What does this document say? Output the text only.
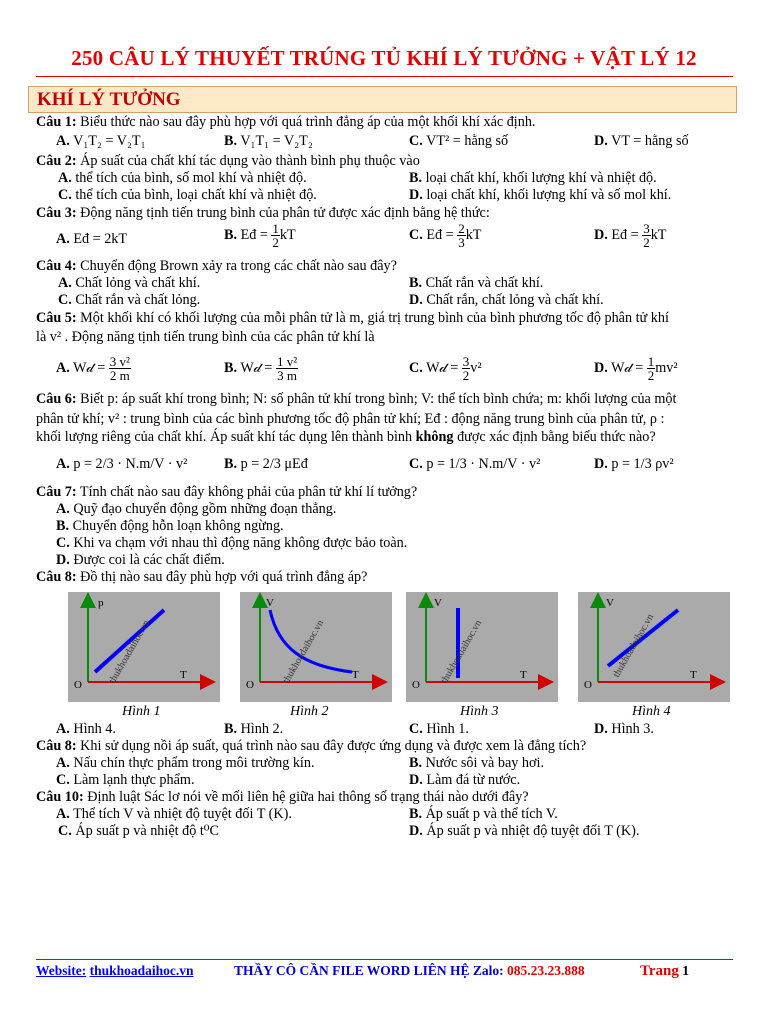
250 CÂU LÝ THUYẾT TRÚNG TỦ KHÍ LÝ TƯỞNG + VẬT LÝ 12
KHÍ LÝ TƯỞNG
Câu 1: Biểu thức nào sau đây phù hợp với quá trình đẳng áp của một khối khí xác định.
A. V₁T₂ = V₂T₁	B. V₁T₁ = V₂T₂	C. VT² = hằng số	D. VT = hằng số
Câu 2: Áp suất của chất khí tác dụng vào thành bình phụ thuộc vào
A. thể tích của bình, số mol khí và nhiệt độ.	B. loại chất khí, khối lượng khí và nhiệt độ.
C. thể tích của bình, loại chất khí và nhiệt độ.	D. loại chất khí, khối lượng khí và số mol khí.
Câu 3: Động năng tịnh tiến trung bình của phân tử được xác định bằng hệ thức:
A. Eđ = 2kT	B. Eđ = $\frac{1}{2}$ kT	C. Eđ = $\frac{2}{3}$ kT	D. Eđ = $\frac{3}{2}$ kT
Câu 4: Chuyển động Brown xảy ra trong các chất nào sau đây?
A. Chất lỏng và chất khí.	B. Chất rắn và chất khí.
C. Chất rắn và chất lỏng.	D. Chất rắn, chất lỏng và chất khí.
Câu 5: Một khối khí có khối lượng của mỗi phân tử là m, giá trị trung bình của bình phương tốc độ phân tử khí
là v² . Động năng tịnh tiến trung bình của các phân tử khí là
A. W𝒹 = $\frac{\text{3 v²}}{2 m}$	B. W𝒹 = $\frac{\text{1 v²}}{3 m}$	C. W𝒹 = $\frac{3}{2} v^2$	D. W𝒹 = $\frac{1}{2} mv^2$
Câu 6: Biết p: áp suất khí trong bình; N: số phân tử khí trong bình; V: thể tích bình chứa; m: khối lượng của một
phân tử khí; v² : trung bình của các bình phương tốc độ phân tử khí; Eđ : động năng trung bình của phân tử, ρ :
khối lượng riêng của chất khí. Áp suất khí tác dụng lên thành bình không được xác định bằng biểu thức nào?
A. p = 2/3 · N.m/V · v²	B. p = 2/3 μEđ	C. p = 1/3 · N.m/V · v²	D. p = 1/3 ρv²
Câu 7: Tính chất nào sau đây không phải của phân tử khí lí tưởng?
A. Quỹ đạo chuyển động gồm những đoạn thẳng.
B. Chuyển động hỗn loạn không ngừng.
C. Khi va chạm với nhau thì động năng không được bảo toàn.
D. Được coi là các chất điểm.
Câu 8: Đồ thị nào sau đây phù hợp với quá trình đẳng áp?
p
T
O	thukhoadaihoc.vn
V
T
O	thukhoadaihoc.vn
V
T
O thukhoadaihoc.vn
V
T
O
thukhoadaihoc.vn
Hình 1	Hình 2	Hình 3	Hình 4
A. Hình 4.	B. Hình 2.	C. Hình 1.	D. Hình 3.
Câu 8: Khi sử dụng nồi áp suất, quá trình nào sau đây được ứng dụng và được xem là đẳng tích?
A. Nấu chín thực phẩm trong môi trường kín.	B. Nước sôi và bay hơi.
C. Làm lạnh thực phẩm.	D. Làm đá từ nước.
Câu 10: Định luật Sác lơ nói về mối liên hệ giữa hai thông số trạng thái nào dưới đây?
A. Thể tích V và nhiệt độ tuyệt đối T (K).	B. Áp suất p và thể tích V.
C. Áp suất p và nhiệt độ t⁰C	D. Áp suất p và nhiệt độ tuyệt đối T (K).
Website: thukhoadaihoc.vn	THẦY CÔ CẦN FILE WORD LIÊN HỆ Zalo: 085.23.23.888	Trang 1
